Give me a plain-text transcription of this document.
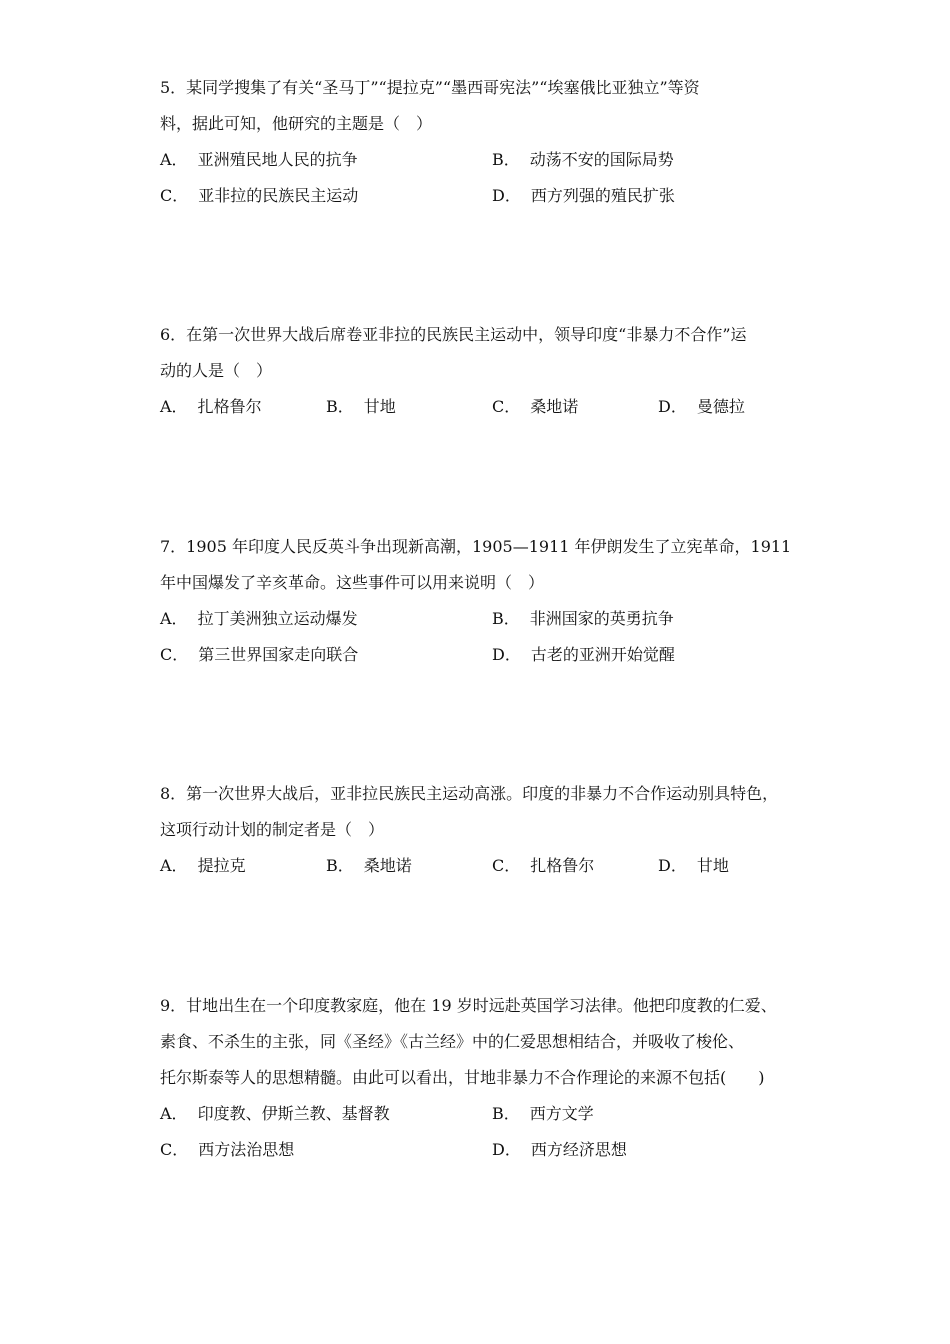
5．某同学搜集了有关“圣马丁”“提拉克”“墨西哥宪法”“埃塞俄比亚独立”等资
料，据此可知，他研究的主题是（　）
A． 亚洲殖民地人民的抗争	B． 动荡不安的国际局势
C． 亚非拉的民族民主运动	D． 西方列强的殖民扩张
6．在第一次世界大战后席卷亚非拉的民族民主运动中，领导印度“非暴力不合作”运
动的人是（　）
A． 扎格鲁尔	B． 甘地	C． 桑地诺	D． 曼德拉
7．1905 年印度人民反英斗争出现新高潮，1905—1911 年伊朗发生了立宪革命，1911
年中国爆发了辛亥革命。这些事件可以用来说明（　）
A． 拉丁美洲独立运动爆发	B． 非洲国家的英勇抗争
C． 第三世界国家走向联合	D． 古老的亚洲开始觉醒
8．第一次世界大战后，亚非拉民族民主运动高涨。印度的非暴力不合作运动别具特色，
这项行动计划的制定者是（　）
A． 提拉克	B． 桑地诺	C． 扎格鲁尔	D． 甘地
9．甘地出生在一个印度教家庭，他在 19 岁时远赴英国学习法律。他把印度教的仁爱、
素食、不杀生的主张，同《圣经》《古兰经》中的仁爱思想相结合，并吸收了梭伦、
托尔斯泰等人的思想精髓。由此可以看出，甘地非暴力不合作理论的来源不包括(　　)
A． 印度教、伊斯兰教、基督教	B． 西方文学
C． 西方法治思想	D． 西方经济思想
